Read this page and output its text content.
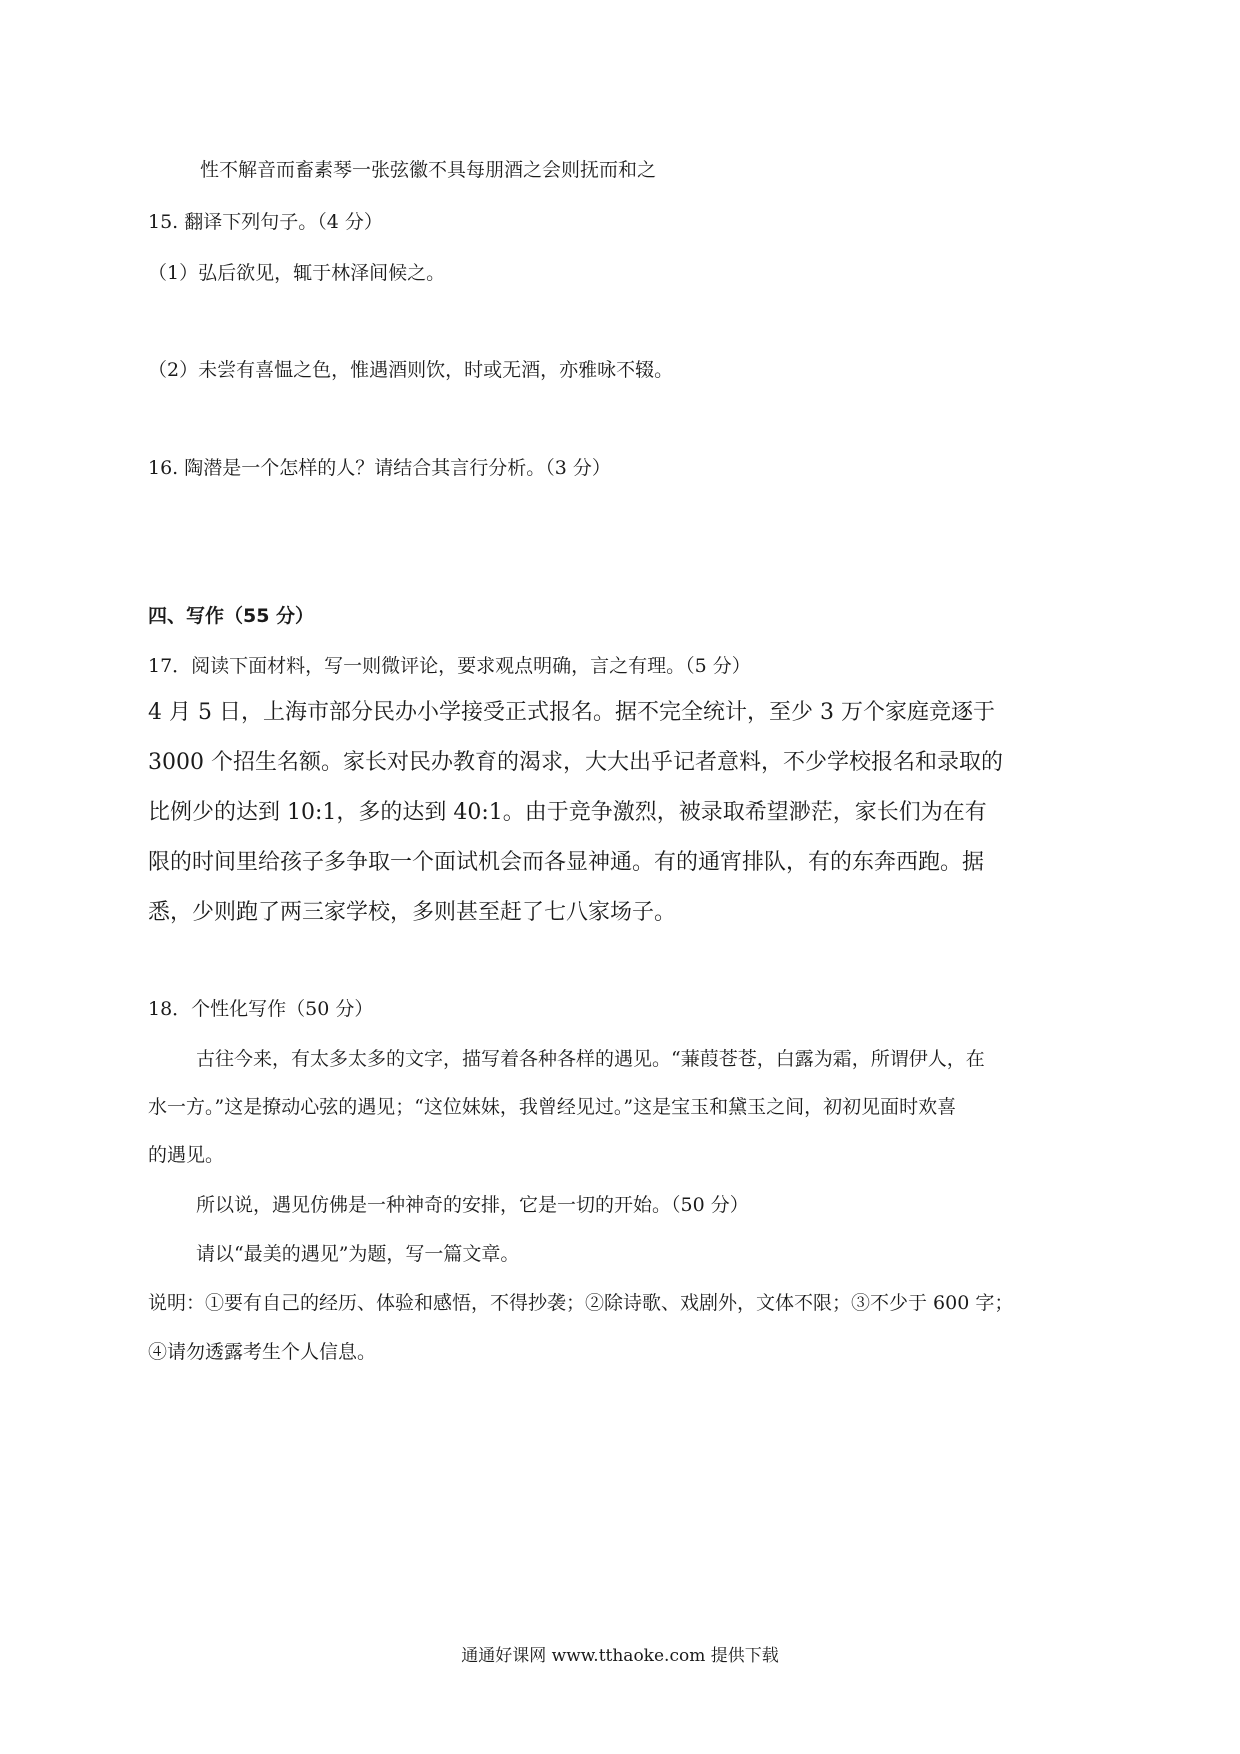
性不解音而畜素琴一张弦徽不具每朋酒之会则抚而和之
15. 翻译下列句子。（4 分）
（1）弘后欲见，辄于林泽间候之。
（2）未尝有喜愠之色，惟遇酒则饮，时或无酒，亦雅咏不辍。
16. 陶潜是一个怎样的人？请结合其言行分析。（3 分）
四、写作（55 分）
17．阅读下面材料，写一则微评论，要求观点明确，言之有理。（5 分）
4 月 5 日，上海市部分民办小学接受正式报名。据不完全统计，至少 3 万个家庭竞逐于
3000 个招生名额。家长对民办教育的渴求，大大出乎记者意料，不少学校报名和录取的
比例少的达到 10:1，多的达到 40:1。由于竞争激烈，被录取希望渺茫，家长们为在有
限的时间里给孩子多争取一个面试机会而各显神通。有的通宵排队，有的东奔西跑。据
悉，少则跑了两三家学校，多则甚至赶了七八家场子。
18．个性化写作（50 分）
古往今来，有太多太多的文字，描写着各种各样的遇见。“蒹葭苍苍，白露为霜，所谓伊人，在
水一方。”这是撩动心弦的遇见；“这位妹妹，我曾经见过。”这是宝玉和黛玉之间，初初见面时欢喜
的遇见。
所以说，遇见仿佛是一种神奇的安排，它是一切的开始。（50 分）
请以“最美的遇见”为题，写一篇文章。
说明：①要有自己的经历、体验和感悟，不得抄袭；②除诗歌、戏剧外，文体不限；③不少于 600 字；
④请勿透露考生个人信息。
通通好课网 www.tthaoke.com 提供下载
